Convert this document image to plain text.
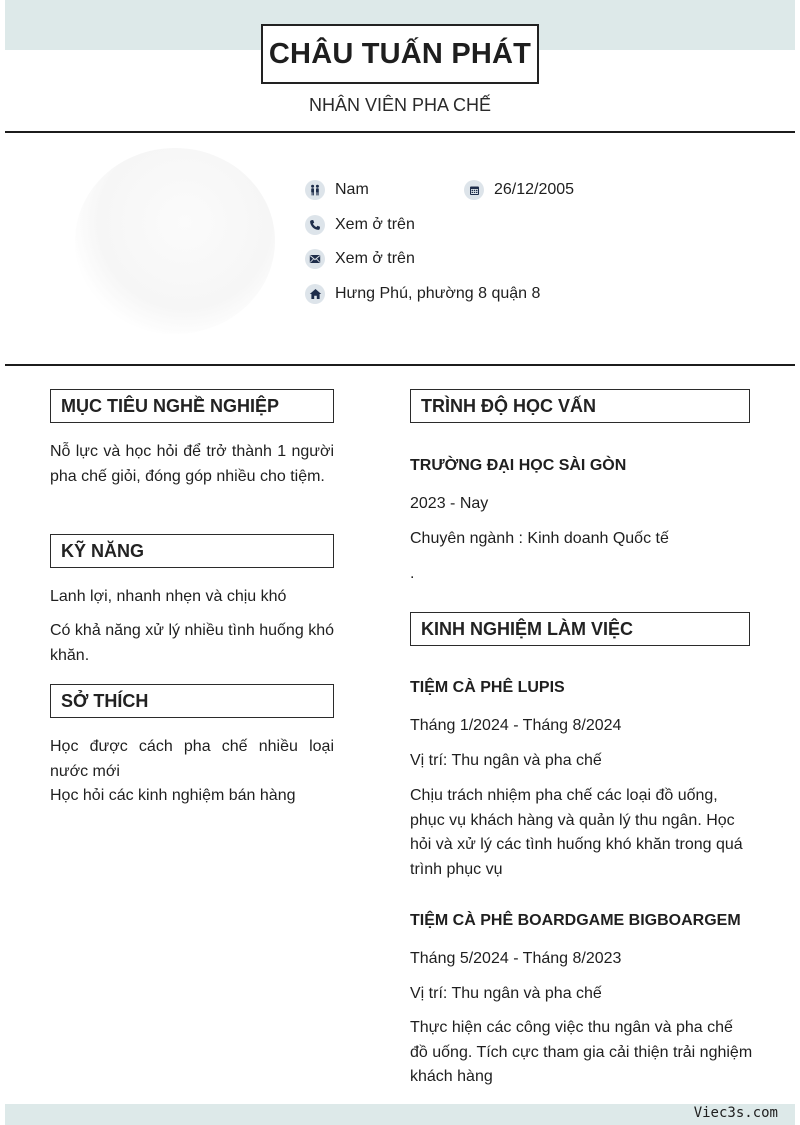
CHÂU TUẤN PHÁT
NHÂN VIÊN PHA CHẾ
Nam	26/12/2005
Xem ở trên
Xem ở trên
Hưng Phú, phường 8 quận 8
MỤC TIÊU NGHỀ NGHIỆP
Nỗ lực và học hỏi để trở thành 1 người pha chế giỏi, đóng góp nhiều cho tiệm.
KỸ NĂNG
Lanh lợi, nhanh nhẹn và chịu khó
Có khả năng xử lý nhiều tình huống khó khăn.
SỞ THÍCH
Học được cách pha chế nhiều loại nước mới
Học hỏi các kinh nghiệm bán hàng
TRÌNH ĐỘ HỌC VẤN
TRƯỜNG ĐẠI HỌC SÀI GÒN
2023 - Nay
Chuyên ngành : Kinh doanh Quốc tế
.
KINH NGHIỆM LÀM VIỆC
TIỆM CÀ PHÊ LUPIS
Tháng 1/2024 - Tháng 8/2024
Vị trí: Thu ngân và pha chế
Chịu trách nhiệm pha chế các loại đồ uống, phục vụ khách hàng và quản lý thu ngân. Học hỏi và xử lý các tình huống khó khăn trong quá trình phục vụ
TIỆM CÀ PHÊ BOARDGAME BIGBOARGEM
Tháng 5/2024 - Tháng 8/2023
Vị trí: Thu ngân và pha chế
Thực hiện các công việc thu ngân và pha chế đồ uống. Tích cực tham gia cải thiện trải nghiệm khách hàng
Viec3s.com
